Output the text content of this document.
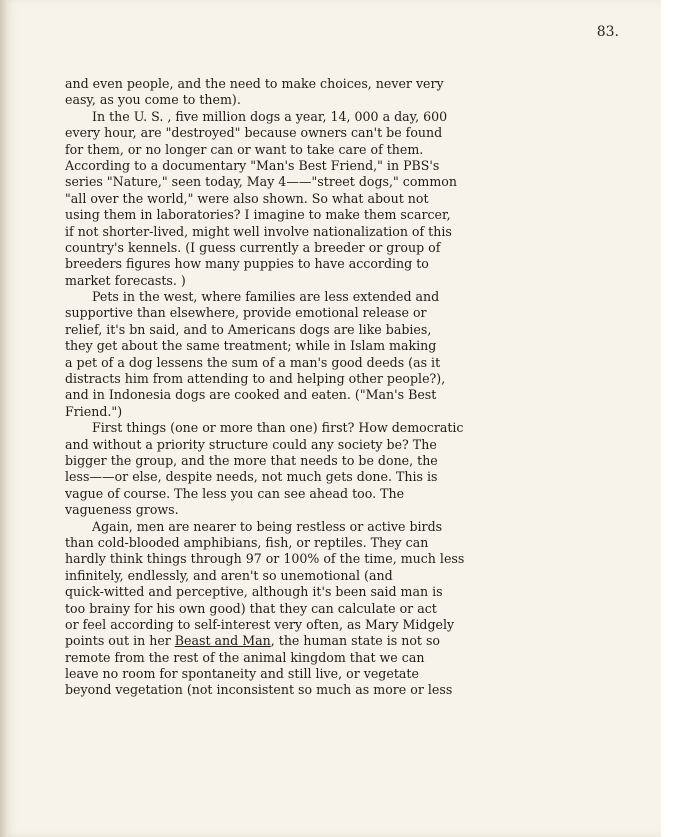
83.
and even people, and the need to make choices, never very
easy, as you come to them).
In the U. S. , five million dogs a year, 14, 000 a day, 600
every hour, are "destroyed" because owners can't be found
for them, or no longer can or want to take care of them.
According to a documentary "Man's Best Friend," in PBS's
series "Nature," seen today, May 4——"street dogs," common
"all over the world," were also shown. So what about not
using them in laboratories? I imagine to make them scarcer,
if not shorter-lived, might well involve nationalization of this
country's kennels. (I guess currently a breeder or group of
breeders figures how many puppies to have according to
market forecasts. )
Pets in the west, where families are less extended and
supportive than elsewhere, provide emotional release or
relief, it's bn said, and to Americans dogs are like babies,
they get about the same treatment; while in Islam making
a pet of a dog lessens the sum of a man's good deeds (as it
distracts him from attending to and helping other people?),
and in Indonesia dogs are cooked and eaten. ("Man's Best
Friend.")
First things (one or more than one) first? How democratic
and without a priority structure could any society be? The
bigger the group, and the more that needs to be done, the
less——or else, despite needs, not much gets done. This is
vague of course. The less you can see ahead too. The
vagueness grows.
Again, men are nearer to being restless or active birds
than cold-blooded amphibians, fish, or reptiles. They can
hardly think things through 97 or 100% of the time, much less
infinitely, endlessly, and aren't so unemotional (and
quick-witted and perceptive, although it's been said man is
too brainy for his own good) that they can calculate or act
or feel according to self-interest very often, as Mary Midgely
points out in her Beast and Man, the human state is not so
remote from the rest of the animal kingdom that we can
leave no room for spontaneity and still live, or vegetate
beyond vegetation (not inconsistent so much as more or less
